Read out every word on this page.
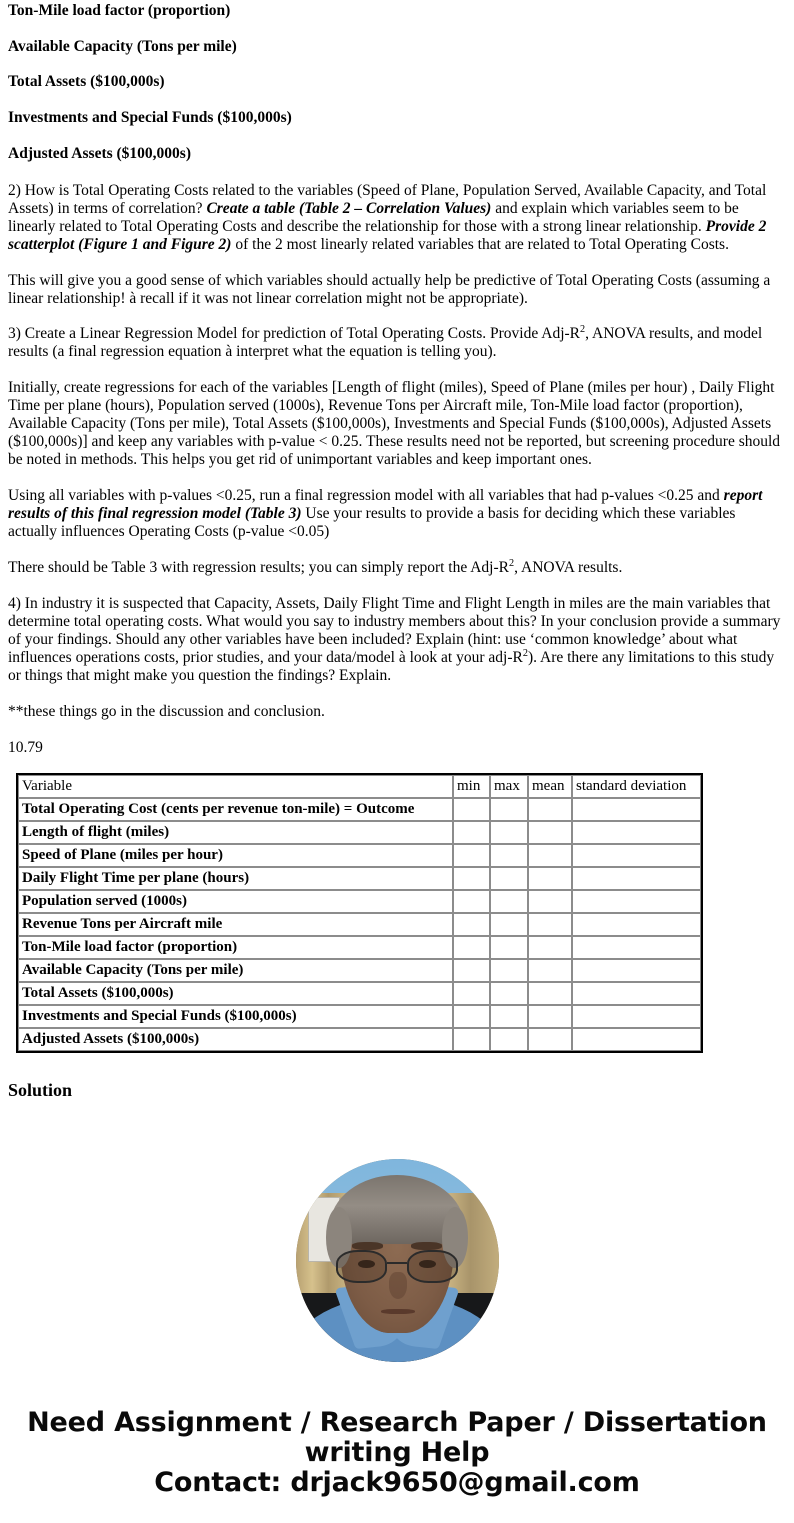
Ton-Mile load factor (proportion)
Available Capacity (Tons per mile)
Total Assets ($100,000s)
Investments and Special Funds ($100,000s)
Adjusted Assets ($100,000s)

2) How is Total Operating Costs related to the variables (Speed of Plane, Population Served, Available Capacity, and Total Assets) in terms of correlation? Create a table (Table 2 – Correlation Values) and explain which variables seem to be linearly related to Total Operating Costs and describe the relationship for those with a strong linear relationship. Provide 2 scatterplot (Figure 1 and Figure 2) of the 2 most linearly related variables that are related to Total Operating Costs.

This will give you a good sense of which variables should actually help be predictive of Total Operating Costs (assuming a linear relationship! à recall if it was not linear correlation might not be appropriate).

3) Create a Linear Regression Model for prediction of Total Operating Costs. Provide Adj-$R^2$, ANOVA results, and model results (a final regression equation à interpret what the equation is telling you).

Initially, create regressions for each of the variables [Length of flight (miles), Speed of Plane (miles per hour) , Daily Flight Time per plane (hours), Population served (1000s), Revenue Tons per Aircraft mile, Ton-Mile load factor (proportion), Available Capacity (Tons per mile), Total Assets ($100,000s), Investments and Special Funds ($100,000s), Adjusted Assets ($100,000s)] and keep any variables with p-value < 0.25. These results need not be reported, but screening procedure should be noted in methods. This helps you get rid of unimportant variables and keep important ones.

Using all variables with p-values <0.25, run a final regression model with all variables that had p-values <0.25 and report results of this final regression model (Table 3) Use your results to provide a basis for deciding which these variables actually influences Operating Costs (p-value <0.05)

There should be Table 3 with regression results; you can simply report the Adj-$R^2$, ANOVA results.

4) In industry it is suspected that Capacity, Assets, Daily Flight Time and Flight Length in miles are the main variables that determine total operating costs. What would you say to industry members about this? In your conclusion provide a summary of your findings. Should any other variables have been included? Explain (hint: use ‘common knowledge’ about what influences operations costs, prior studies, and your data/model à look at your adj-$R^2$). Are there any limitations to this study or things that might make you question the findings? Explain.

**these things go in the discussion and conclusion.

10.79
Variable	min	max	mean	standard deviation
Total Operating Cost (cents per revenue ton-mile) = Outcome				
Length of flight (miles)				
Speed of Plane (miles per hour)				
Daily Flight Time per plane (hours)				
Population served (1000s)				
Revenue Tons per Aircraft mile				
Ton-Mile load factor (proportion)				
Available Capacity (Tons per mile)				
Total Assets ($100,000s)				
Investments and Special Funds ($100,000s)				
Adjusted Assets ($100,000s)				
Solution
Need Assignment / Research Paper / Dissertation
writing Help
Contact: drjack9650@gmail.com
